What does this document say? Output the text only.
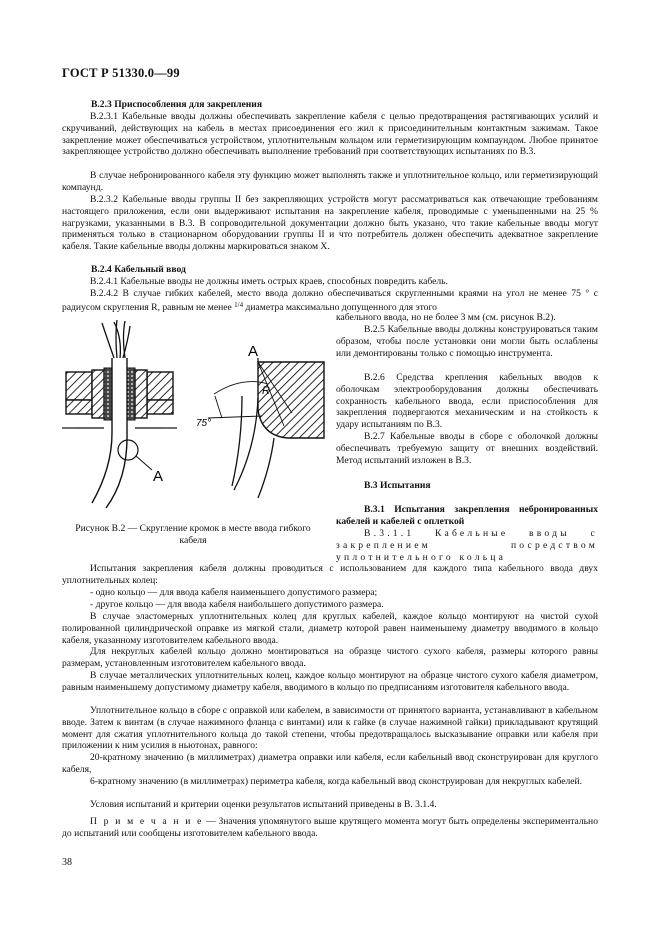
ГОСТ Р 51330.0—99
В.2.3 Приспособления для закрепления

В.2.3.1 Кабельные вводы должны обеспечивать закрепление кабеля с целью предотвращения растягивающих усилий и скручиваний, действующих на кабель в местах присоединения его жил к присоединительным контактным зажимам. Такое закрепление может обеспечиваться устройством, уплотнительным кольцом или герметизирующим компаундом. Любое принятое закрепляющее устройство должно обеспечивать выполнение требований при соответствующих испытаниях по В.3.

В случае небронированного кабеля эту функцию может выполнять также и уплотнительное кольцо, или герметизирующий компаунд.

В.2.3.2 Кабельные вводы группы II без закрепляющих устройств могут рассматриваться как отвечающие требованиям настоящего приложения, если они выдерживают испытания на закрепление кабеля, проводимые с уменьшенными на 25 % нагрузками, указанными в В.3. В сопроводительной документации должно быть указано, что такие кабельные вводы могут применяться только в стационарном оборудовании группы II и что потребитель должен обеспечить адекватное закрепление кабеля. Такие кабельные вводы должны маркироваться знаком X.

В.2.4 Кабельный ввод

В.2.4.1 Кабельные вводы не должны иметь острых краев, способных повредить кабель.

В.2.4.2 В случае гибких кабелей, место ввода должно обеспечиваться скругленными краями на угол не менее 75 ° с радиусом скругления R, равным не менее $^{1/4}$ диаметра максимально допущенного для этого

кабельного ввода, но не более 3 мм (см. рисунок В.2).

В.2.5 Кабельные вводы должны конструироваться таким образом, чтобы после установки они могли быть ослаблены или демонтированы только с помощью инструмента.

В.2.6 Средства крепления кабельных вводов к оболочкам электрооборудования должны обеспечивать сохранность кабельного ввода, если приспособления для закрепления подвергаются механическим и на стойкость к удару испытаниям по В.3.

В.2.7 Кабельные вводы в сборе с оболочкой должны обеспечивать требуемую защиту от внешних воздействий. Метод испытаний изложен в В.3.

A
A
R
75°
Рисунок В.2 — Скругление кромок в месте ввода гибкого кабеля
В.3 Испытания

В.3.1 Испытания закрепления небронированных кабелей и кабелей с оплеткой

В.3.1.1 Кабельные вводы с закреплением посредством уплотнительного кольца

Испытания закрепления кабеля должны проводиться с использованием для каждого типа кабельного ввода двух уплотнительных колец:

- одно кольцо — для ввода кабеля наименьшего допустимого размера;

- другое кольцо — для ввода кабеля наибольшего допустимого размера.

В случае эластомерных уплотнительных колец для круглых кабелей, каждое кольцо монтируют на чистой сухой полированной цилиндрической оправке из мягкой стали, диаметр которой равен наименьшему диаметру вводимого в кольцо кабеля, указанному изготовителем кабельного ввода.

Для некруглых кабелей кольцо должно монтироваться на образце чистого сухого кабеля, размеры которого равны размерам, установленным изготовителем кабельного ввода.

В случае металлических уплотнительных колец, каждое кольцо монтируют на образце чистого сухого кабеля диаметром, равным наименьшему допустимому диаметру кабеля, вводимого в кольцо по предписаниям изготовителя кабельного ввода.

Уплотнительное кольцо в сборе с оправкой или кабелем, в зависимости от принятого варианта, устанавливают в кабельном вводе. Затем к винтам (в случае нажимного фланца с винтами) или к гайке (в случае нажимной гайки) прикладывают крутящий момент для сжатия уплотнительного кольца до такой степени, чтобы предотвращалось высказывание оправки или кабеля при приложении к ним усилия в ньютонах, равного:

20-кратному значению (в миллиметрах) диаметра оправки или кабеля, если кабельный ввод сконструирован для круглого кабеля,

6-кратному значению (в миллиметрах) периметра кабеля, когда кабельный ввод сконструирован для некруглых кабелей.

Условия испытаний и критерии оценки результатов испытаний приведены в В. 3.1.4.

П р и м е ч а н и е — Значения упомянутого выше крутящего момента могут быть определены экспериментально до испытаний или сообщены изготовителем кабельного ввода.

38
